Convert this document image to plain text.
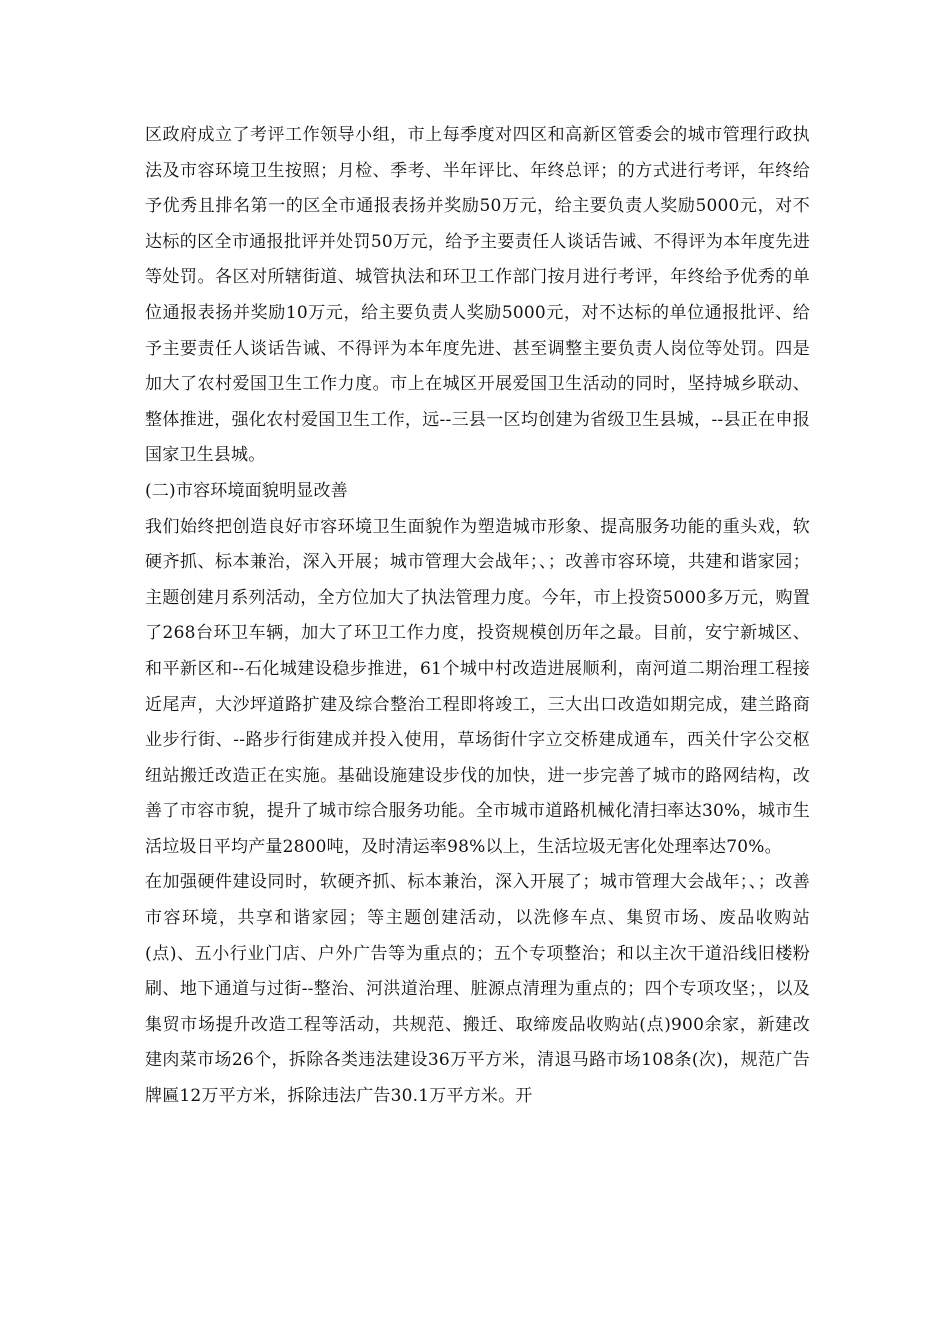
区政府成立了考评工作领导小组，市上每季度对四区和高新区管委会的城市管理行政执法及市容环境卫生按照；月检、季考、半年评比、年终总评；的方式进行考评，年终给予优秀且排名第一的区全市通报表扬并奖励50万元，给主要负责人奖励5000元，对不达标的区全市通报批评并处罚50万元，给予主要责任人谈话告诫、不得评为本年度先进等处罚。各区对所辖街道、城管执法和环卫工作部门按月进行考评，年终给予优秀的单位通报表扬并奖励10万元，给主要负责人奖励5000元，对不达标的单位通报批评、给予主要责任人谈话告诫、不得评为本年度先进、甚至调整主要负责人岗位等处罚。四是加大了农村爱国卫生工作力度。市上在城区开展爱国卫生活动的同时，坚持城乡联动、整体推进，强化农村爱国卫生工作，远--三县一区均创建为省级卫生县城，--县正在申报国家卫生县城。

(二)市容环境面貌明显改善

我们始终把创造良好市容环境卫生面貌作为塑造城市形象、提高服务功能的重头戏，软硬齐抓、标本兼治，深入开展；城市管理大会战年；、；改善市容环境，共建和谐家园；主题创建月系列活动，全方位加大了执法管理力度。今年，市上投资5000多万元，购置了268台环卫车辆，加大了环卫工作力度，投资规模创历年之最。目前，安宁新城区、和平新区和--石化城建设稳步推进，61个城中村改造进展顺利，南河道二期治理工程接近尾声，大沙坪道路扩建及综合整治工程即将竣工，三大出口改造如期完成，建兰路商业步行街、--路步行街建成并投入使用，草场街什字立交桥建成通车，西关什字公交枢纽站搬迁改造正在实施。基础设施建设步伐的加快，进一步完善了城市的路网结构，改善了市容市貌，提升了城市综合服务功能。全市城市道路机械化清扫率达30%，城市生活垃圾日平均产量2800吨，及时清运率98%以上，生活垃圾无害化处理率达70%。

在加强硬件建设同时，软硬齐抓、标本兼治，深入开展了；城市管理大会战年；、；改善市容环境，共享和谐家园；等主题创建活动，以洗修车点、集贸市场、废品收购站(点)、五小行业门店、户外广告等为重点的；五个专项整治；和以主次干道沿线旧楼粉刷、地下通道与过街--整治、河洪道治理、脏源点清理为重点的；四个专项攻坚；，以及集贸市场提升改造工程等活动，共规范、搬迁、取缔废品收购站(点)900余家，新建改建肉菜市场26个，拆除各类违法建设36万平方米，清退马路市场108条(次)，规范广告牌匾12万平方米，拆除违法广告30.1万平方米。开
